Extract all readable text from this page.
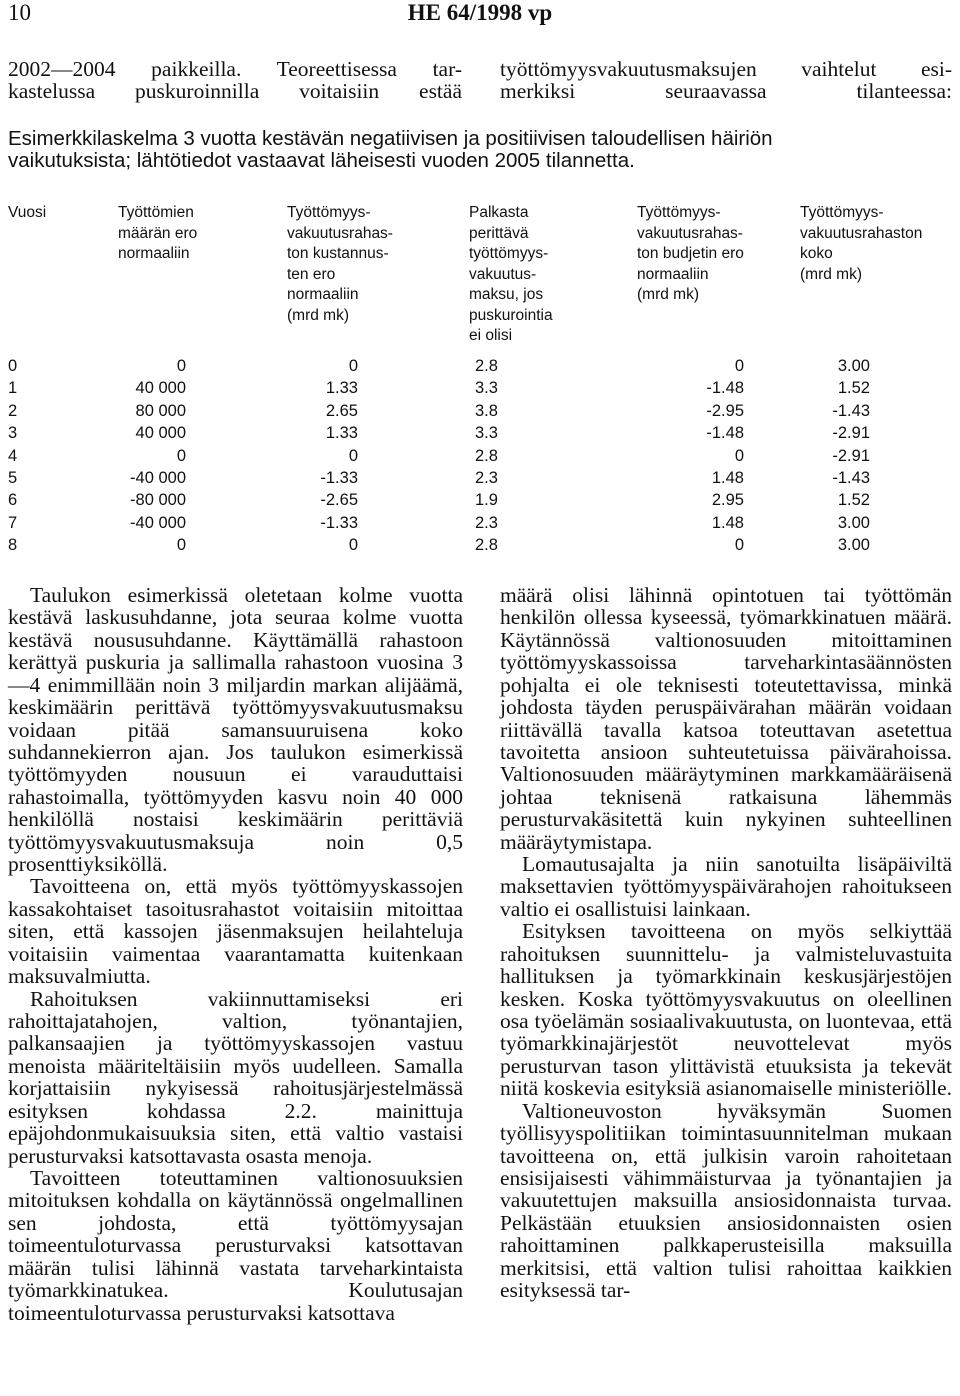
10	HE 64/1998 vp
2002—2004 paikkeilla. Teoreettisessa tar-
kastelussa puskuroinnilla voitaisiin estää
työttömyysvakuutusmaksujen vaihtelut esi-
merkiksi seuraavassa tilanteessa:
Esimerkkilaskelma 3 vuotta kestävän negatiivisen ja positiivisen taloudellisen häiriön
vaikutuksista; lähtötiedot vastaavat läheisesti vuoden 2005 tilannetta.
Vuosi	Työttömien
määrän ero
normaaliin
Työttömyys-
vakuutusrahas-
ton kustannus-
ten ero
normaaliin
(mrd mk)
Palkasta
perittävä
työttömyys-
vakuutus-
maksu, jos
puskurointia
ei olisi
Työttömyys-
vakuutusrahas-
ton budjetin ero
normaaliin
(mrd mk)
Työttömyys-
vakuutusrahaston
koko
(mrd mk)
0
1
2
3
4
5
6
7
8
0
40 000
80 000
40 000
0
-40 000
-80 000
-40 000
0
0
1.33
2.65
1.33
0
-1.33
-2.65
-1.33
0
2.8
3.3
3.8
3.3
2.8
2.3
1.9
2.3
2.8
0
-1.48
-2.95
-1.48
0
1.48
2.95
1.48
0
3.00
1.52
-1.43
-2.91
-2.91
-1.43
1.52
3.00
3.00

Taulukon esimerkissä oletetaan kolme vuotta kestävä laskusuhdanne, jota seuraa kolme vuotta kestävä noususuhdanne. Käyttämällä rahastoon kerättyä puskuria ja sallimalla rahastoon vuosina 3—4 enimmillään noin 3 miljardin markan alijäämä, keskimäärin perittävä työttömyysvakuutusmaksu voidaan pitää samansuuruisena koko suhdannekierron ajan. Jos taulukon esimerkissä työttömyyden nousuun ei varauduttaisi rahastoimalla, työttömyyden kasvu noin 40 000 henkilöllä nostaisi keskimäärin perittäviä työttömyysvakuutusmaksuja noin 0,5 prosenttiyksiköllä.

Tavoitteena on, että myös työttömyyskassojen kassakohtaiset tasoitusrahastot voitaisiin mitoittaa siten, että kassojen jäsenmaksujen heilahteluja voitaisiin vaimentaa vaarantamatta kuitenkaan maksuvalmiutta.

Rahoituksen vakiinnuttamiseksi eri rahoittajatahojen, valtion, työnantajien, palkansaajien ja työttömyyskassojen vastuu menoista määriteltäisiin myös uudelleen. Samalla korjattaisiin nykyisessä rahoitusjärjestelmässä esityksen kohdassa 2.2. mainittuja epäjohdonmukaisuuksia siten, että valtio vastaisi perusturvaksi katsottavasta osasta menoja.

Tavoitteen toteuttaminen valtionosuuksien mitoituksen kohdalla on käytännössä ongelmallinen sen johdosta, että työttömyysajan toimeentuloturvassa perusturvaksi katsottavan määrän tulisi lähinnä vastata tarveharkintaista työmarkkinatukea. Koulutusajan toimeentuloturvassa perusturvaksi katsottava

määrä olisi lähinnä opintotuen tai työttömän henkilön ollessa kyseessä, työmarkkinatuen määrä. Käytännössä valtionosuuden mitoittaminen työttömyyskassoissa tarveharkintasäännösten pohjalta ei ole teknisesti toteutettavissa, minkä johdosta täyden peruspäivärahan määrän voidaan riittävällä tavalla katsoa toteuttavan asetettua tavoitetta ansioon suhteutetuissa päivärahoissa. Valtionosuuden määräytyminen markkamääräisenä johtaa teknisenä ratkaisuna lähemmäs perusturvakäsitettä kuin nykyinen suhteellinen määräytymistapa.

Lomautusajalta ja niin sanotuilta lisäpäiviltä maksettavien työttömyyspäivärahojen rahoitukseen valtio ei osallistuisi lainkaan.

Esityksen tavoitteena on myös selkiyttää rahoituksen suunnittelu- ja valmisteluvastuita hallituksen ja työmarkkinain keskusjärjestöjen kesken. Koska työttömyysvakuutus on oleellinen osa työelämän sosiaalivakuutusta, on luontevaa, että työmarkkinajärjestöt neuvottelevat myös perusturvan tason ylittävistä etuuksista ja tekevät niitä koskevia esityksiä asianomaiselle ministeriölle.

Valtioneuvoston hyväksymän Suomen työllisyyspolitiikan toimintasuunnitelman mukaan tavoitteena on, että julkisin varoin rahoitetaan ensisijaisesti vähimmäisturvaa ja työnantajien ja vakuutettujen maksuilla ansiosidonnaista turvaa. Pelkästään etuuksien ansiosidonnaisten osien rahoittaminen palkkaperusteisilla maksuilla merkitsisi, että valtion tulisi rahoittaa kaikkien esityksessä tar-
